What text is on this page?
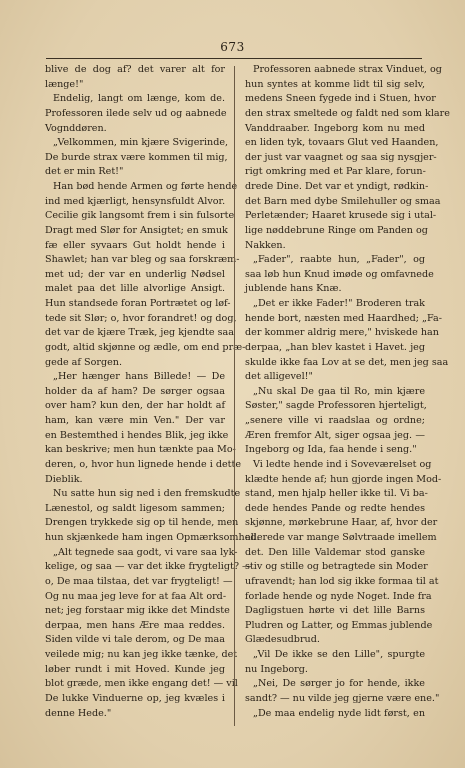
673
blive de dog af? det varer alt for
længe!"
Endelig, langt om længe, kom de.
Professoren ilede selv ud og aabnede
Vognddøren.
„Velkommen, min kjære Svigerinde,
De burde strax være kommen til mig,
det er min Ret!"
Han bød hende Armen og førte hende
ind med kjærligt, hensynsfuldt Alvor.
Cecilie gik langsomt frem i sin fulsorte
Dragt med Slør for Ansigtet; en smuk
fæ eller syvaars Gut holdt hende i
Shawlet; han var bleg og saa forskræm-
met ud; der var en underlig Nødsel
malet paa det lille alvorlige Ansigt.
Hun standsede foran Portrætet og løf-
tede sit Slør; o, hvor forandret! og dog,
det var de kjære Træk, jeg kjendte saa
godt, altid skjønne og ædle, om end præ-
gede af Sorgen.
„Her hænger hans Billede! — De
holder da af ham? De sørger ogsaa
over ham? kun den, der har holdt af
ham, kan være min Ven." Der var
en Bestemthed i hendes Blik, jeg ikke
kan beskrive; men hun tænkte paa Mo-
deren, o, hvor hun lignede hende i dette
Dieblik.
Nu satte hun sig ned i den fremskudte
Lænestol, og saldt ligesom sammen;
Drengen trykkede sig op til hende, men
hun skjænkede ham ingen Opmærksomhed.
„Alt tegnede saa godt, vi vare saa lyk-
kelige, og saa — var det ikke frygteligt? —
o, De maa tilstaa, det var frygteligt! —
Og nu maa jeg leve for at faa Alt ord-
net; jeg forstaar mig ikke det Mindste
derpaa, men hans Ære maa reddes.
Siden vilde vi tale derom, og De maa
veilede mig; nu kan jeg ikke tænke, det
løber rundt i mit Hoved. Kunde jeg
blot græde, men ikke engang det! — vil
De lukke Vinduerne op, jeg kvæles i
denne Hede."
Professoren aabnede strax Vinduet, og
hun syntes at komme lidt til sig selv,
medens Sneen fygede ind i Stuen, hvor
den strax smeltede og faldt ned som klare
Vanddraaber. Ingeborg kom nu med
en liden tyk, tovaars Glut ved Haanden,
der just var vaagnet og saa sig nysgjer-
rigt omkring med et Par klare, forun-
drede Dine. Det var et yndigt, rødkin-
det Barn med dybe Smilehuller og smaa
Perletænder; Haaret krusede sig i utal-
lige nøddebrune Ringe om Panden og
Nakken.
„Fader", raabte hun, „Fader", og
saa løb hun Knud imøde og omfavnede
jublende hans Knæ.
„Det er ikke Fader!" Broderen trak
hende bort, næsten med Haardhed; „Fa-
der kommer aldrig mere," hviskede han
derpaa, „han blev kastet i Havet. jeg
skulde ikke faa Lov at se det, men jeg saa
det alligevel!"
„Nu skal De gaa til Ro, min kjære
Søster," sagde Professoren hjerteligt,
„senere ville vi raadslaa og ordne;
Æren fremfor Alt, siger ogsaa jeg. —
Ingeborg og Ida, faa hende i seng."
Vi ledte hende ind i Soveværelset og
klædte hende af; hun gjorde ingen Mod-
stand, men hjalp heller ikke til. Vi ba-
dede hendes Pande og redte hendes
skjønne, mørkebrune Haar, af, hvor der
allerede var mange Sølvtraade imellem
det. Den lille Valdemar stod ganske
stiv og stille og betragtede sin Moder
ufravendt; han lod sig ikke formaa til at
forlade hende og nyde Noget. Inde fra
Dagligstuen hørte vi det lille Barns
Pludren og Latter, og Emmas jublende
Glædesudbrud.
„Vil De ikke se den Lille", spurgte
nu Ingeborg.
„Nei, De sørger jo for hende, ikke
sandt? — nu vilde jeg gjerne være ene."
„De maa endelig nyde lidt først, en
